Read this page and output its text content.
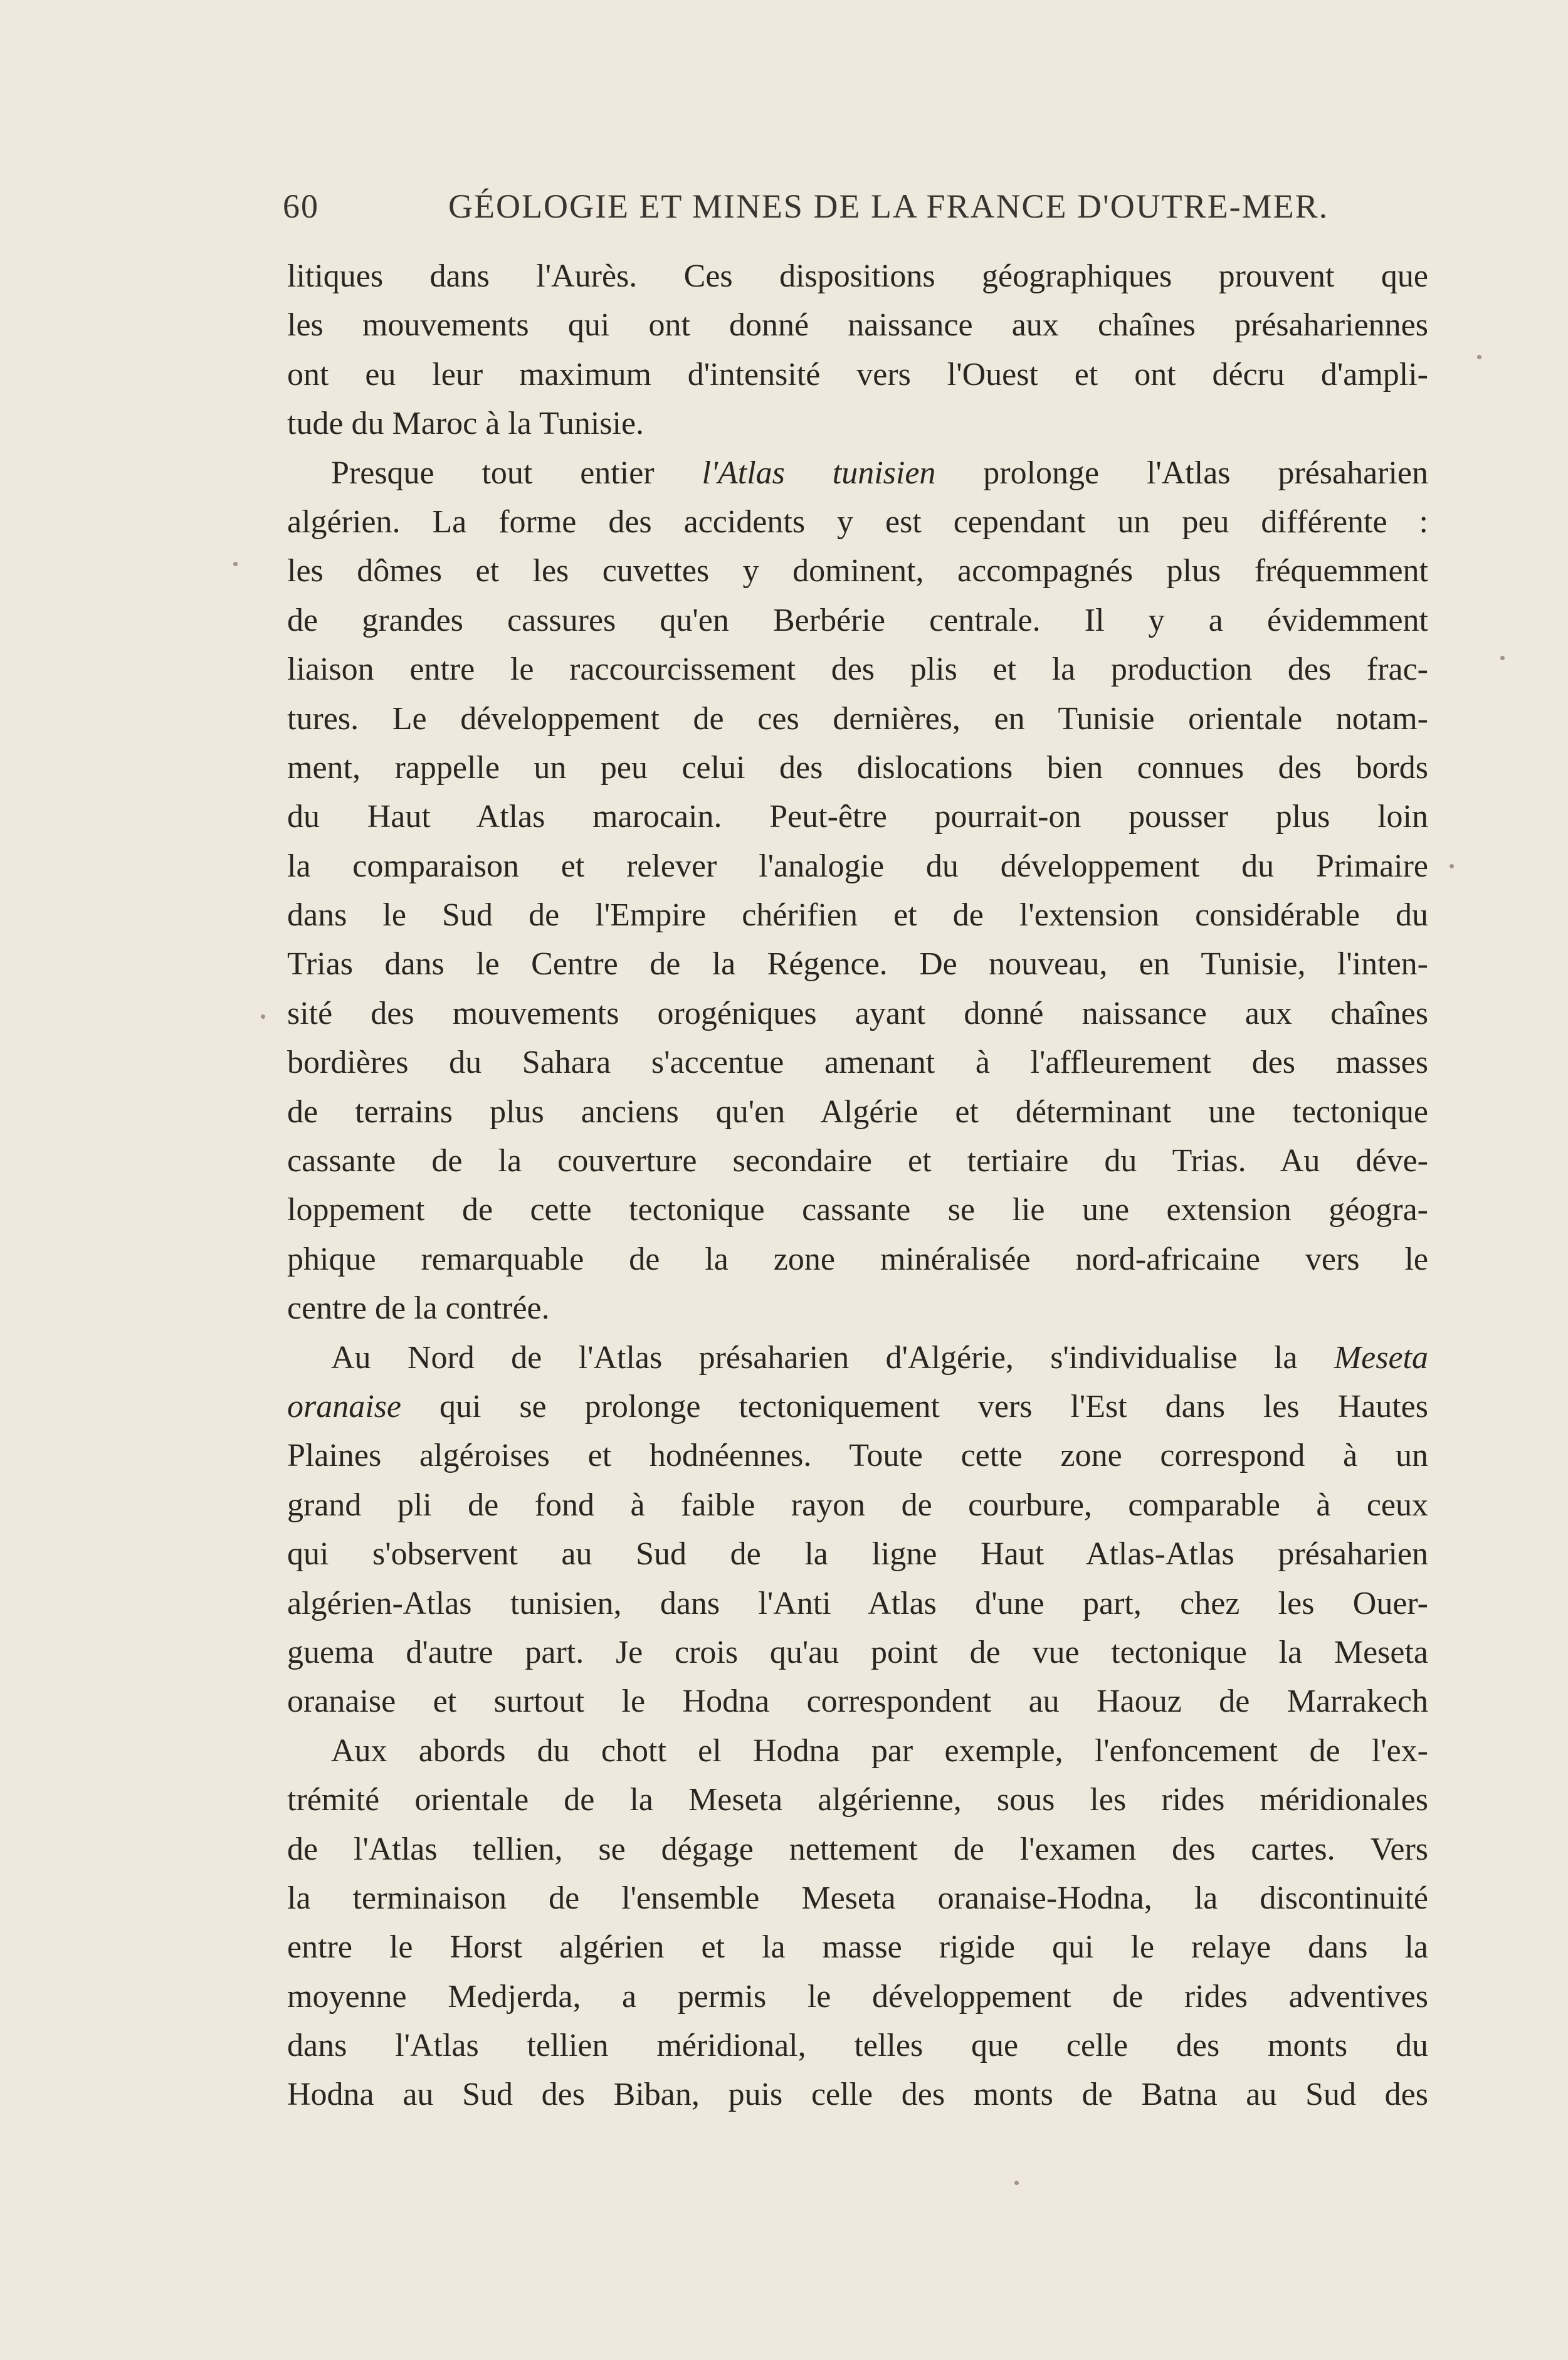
60	GÉOLOGIE ET MINES DE LA FRANCE D'OUTRE-MER.
litiques dans l'Aurès. Ces dispositions géographiques prouvent que
les mouvements qui ont donné naissance aux chaînes présahariennes
ont eu leur maximum d'intensité vers l'Ouest et ont décru d'ampli-
tude du Maroc à la Tunisie.
Presque tout entier l'Atlas tunisien prolonge l'Atlas présaharien
algérien. La forme des accidents y est cependant un peu différente :
les dômes et les cuvettes y dominent, accompagnés plus fréquemment
de grandes cassures qu'en Berbérie centrale. Il y a évidemment
liaison entre le raccourcissement des plis et la production des frac-
tures. Le développement de ces dernières, en Tunisie orientale notam-
ment, rappelle un peu celui des dislocations bien connues des bords
du Haut Atlas marocain. Peut-être pourrait-on pousser plus loin
la comparaison et relever l'analogie du développement du Primaire
dans le Sud de l'Empire chérifien et de l'extension considérable du
Trias dans le Centre de la Régence. De nouveau, en Tunisie, l'inten-
sité des mouvements orogéniques ayant donné naissance aux chaînes
bordières du Sahara s'accentue amenant à l'affleurement des masses
de terrains plus anciens qu'en Algérie et déterminant une tectonique
cassante de la couverture secondaire et tertiaire du Trias. Au déve-
loppement de cette tectonique cassante se lie une extension géogra-
phique remarquable de la zone minéralisée nord-africaine vers le
centre de la contrée.
Au Nord de l'Atlas présaharien d'Algérie, s'individualise la Meseta
oranaise qui se prolonge tectoniquement vers l'Est dans les Hautes
Plaines algéroises et hodnéennes. Toute cette zone correspond à un
grand pli de fond à faible rayon de courbure, comparable à ceux
qui s'observent au Sud de la ligne Haut Atlas-Atlas présaharien
algérien-Atlas tunisien, dans l'Anti Atlas d'une part, chez les Ouer-
guema d'autre part. Je crois qu'au point de vue tectonique la Meseta
oranaise et surtout le Hodna correspondent au Haouz de Marrakech
Aux abords du chott el Hodna par exemple, l'enfoncement de l'ex-
trémité orientale de la Meseta algérienne, sous les rides méridionales
de l'Atlas tellien, se dégage nettement de l'examen des cartes. Vers
la terminaison de l'ensemble Meseta oranaise-Hodna, la discontinuité
entre le Horst algérien et la masse rigide qui le relaye dans la
moyenne Medjerda, a permis le développement de rides adventives
dans l'Atlas tellien méridional, telles que celle des monts du
Hodna au Sud des Biban, puis celle des monts de Batna au Sud des
